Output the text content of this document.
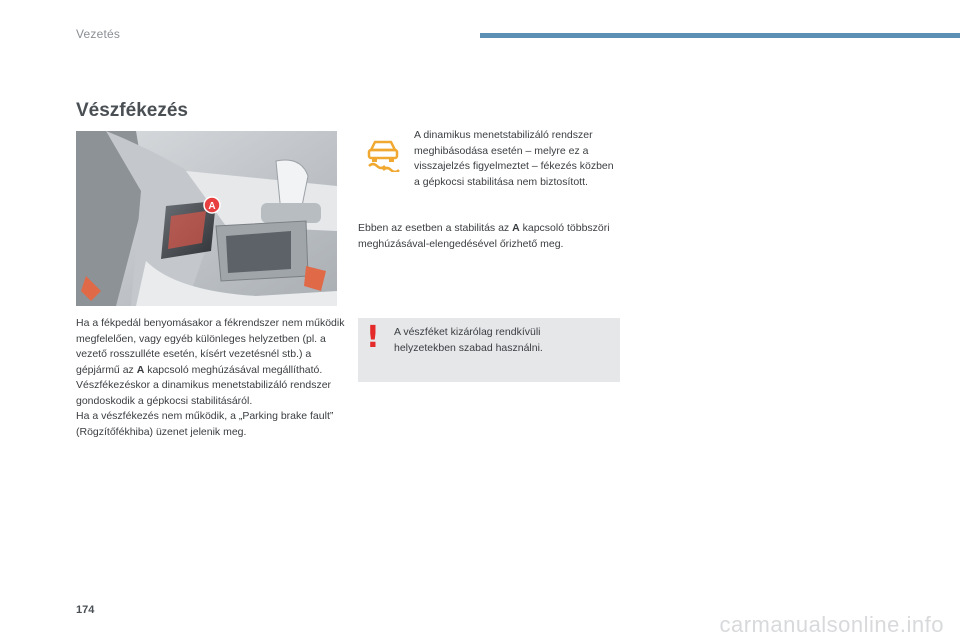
Vezetés
Vészfékezés
A

Ha a fékpedál benyomásakor a fékrendszer nem működik megfelelően, vagy egyéb különleges helyzetben (pl. a vezető rosszulléte esetén, kísért vezetésnél stb.) a gépjármű az A kapcsoló meghúzásával megállítható.
Vészfékezéskor a dinamikus menetstabilizáló rendszer gondoskodik a gépkocsi stabilitásáról.
Ha a vészfékezés nem működik, a „Parking brake fault” (Rögzítőfékhiba) üzenet jelenik meg.

A dinamikus menetstabilizáló rendszer meghibásodása esetén – melyre ez a visszajelzés figyelmeztet – fékezés közben a gépkocsi stabilitása nem biztosított.

Ebben az esetben a stabilitás az A kapcsoló többszöri meghúzásával-elengedésével őrizhető meg.

! A vészféket kizárólag rendkívüli helyzetekben szabad használni.

174
carmanualsonline.info
